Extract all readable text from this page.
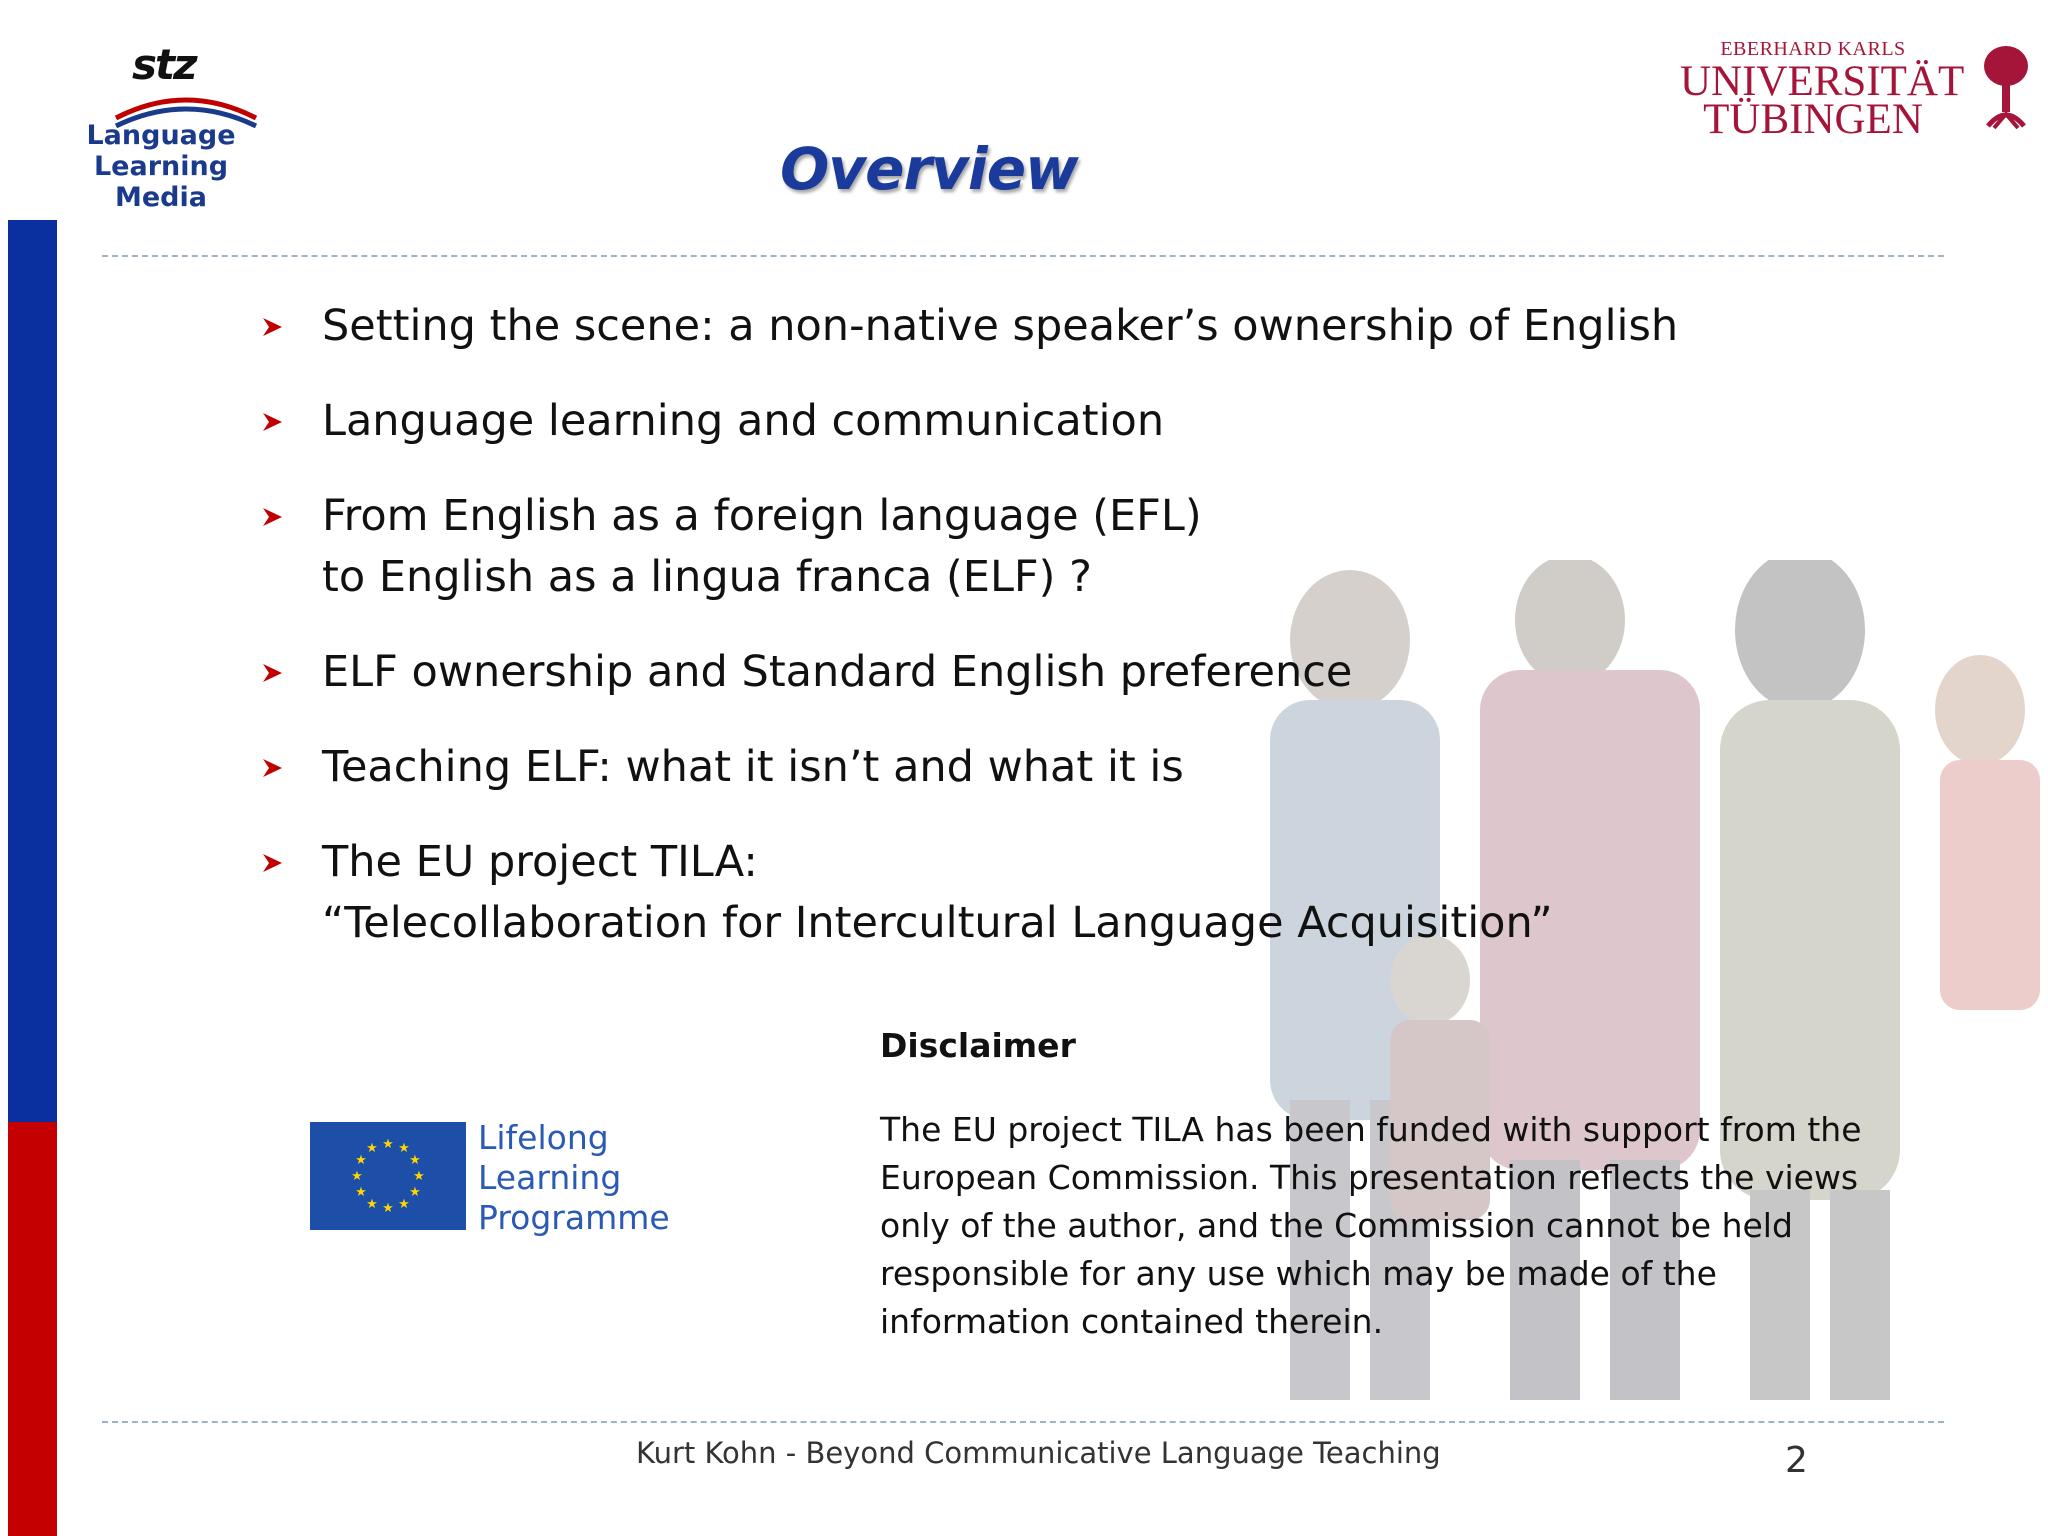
stz
Language
Learning Media
EBERHARD KARLS
UNIVERSITÄT
TÜBINGEN
Overview
Setting the scene: a non-native speaker’s ownership of English
Language learning and communication
From English as a foreign language (EFL)
to English as a lingua franca (ELF) ?
ELF ownership and Standard English preference
Teaching ELF: what it isn’t and what it is
The EU project TILA:
“Telecollaboration for Intercultural Language Acquisition”
★ ★
★
★
★
★
★
★
★
★
★
★	Lifelong
Learning
Programme
Disclaimer
The EU project TILA has been funded with support from the
European Commission. This presentation reflects the views
only of the author, and the Commission cannot be held
responsible for any use which may be made of the
information contained therein.
Kurt Kohn - Beyond Communicative Language Teaching	2
